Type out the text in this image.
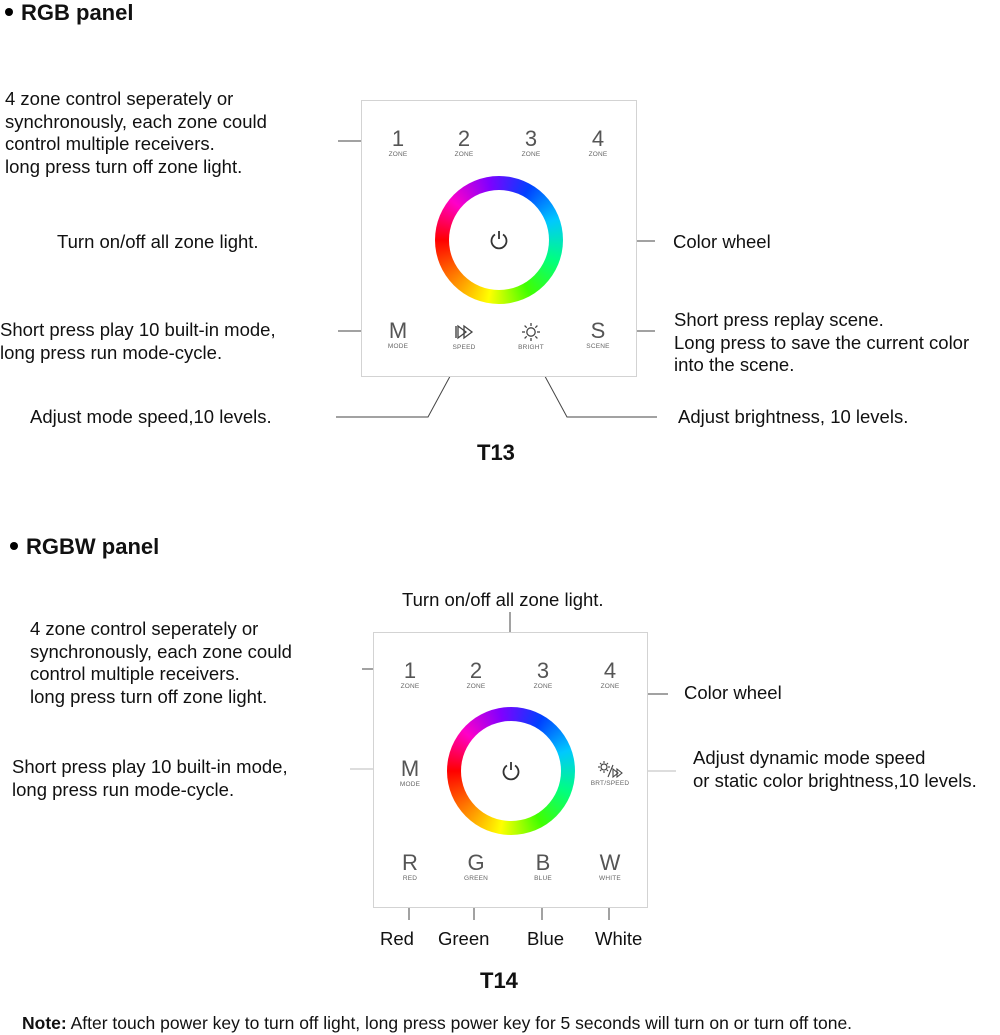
RGB panel
4 zone control seperately or
synchronously, each zone could
control multiple receivers.
long press turn off zone light.
Turn on/off all zone light.	Color wheel
Short press play 10 built-in mode,
long press run mode-cycle.
Short press replay scene.
Long press to save the current color
into the scene.
Adjust mode speed,10 levels.	Adjust brightness, 10 levels.
T13
1
ZONE
2
ZONE
3
ZONE
4
ZONE
M
MODE	SPEED	BRIGHT
S
SCENE
RGBW panel
Turn on/off all zone light.
4 zone control seperately or
synchronously, each zone could
control multiple receivers.
long press turn off zone light.	Color wheel
Short press play 10 built-in mode,
long press run mode-cycle.
Adjust dynamic mode speed
or static color brightness,10 levels.
Red Green Blue White
T14
1
ZONE
2
ZONE
3
ZONE
4
ZONE
M
MODE	BRT/SPEED
R
RED
G
GREEN
B
BLUE
W
WHITE
Note: After touch power key to turn off light, long press power key for 5 seconds will turn on or turn off tone.
